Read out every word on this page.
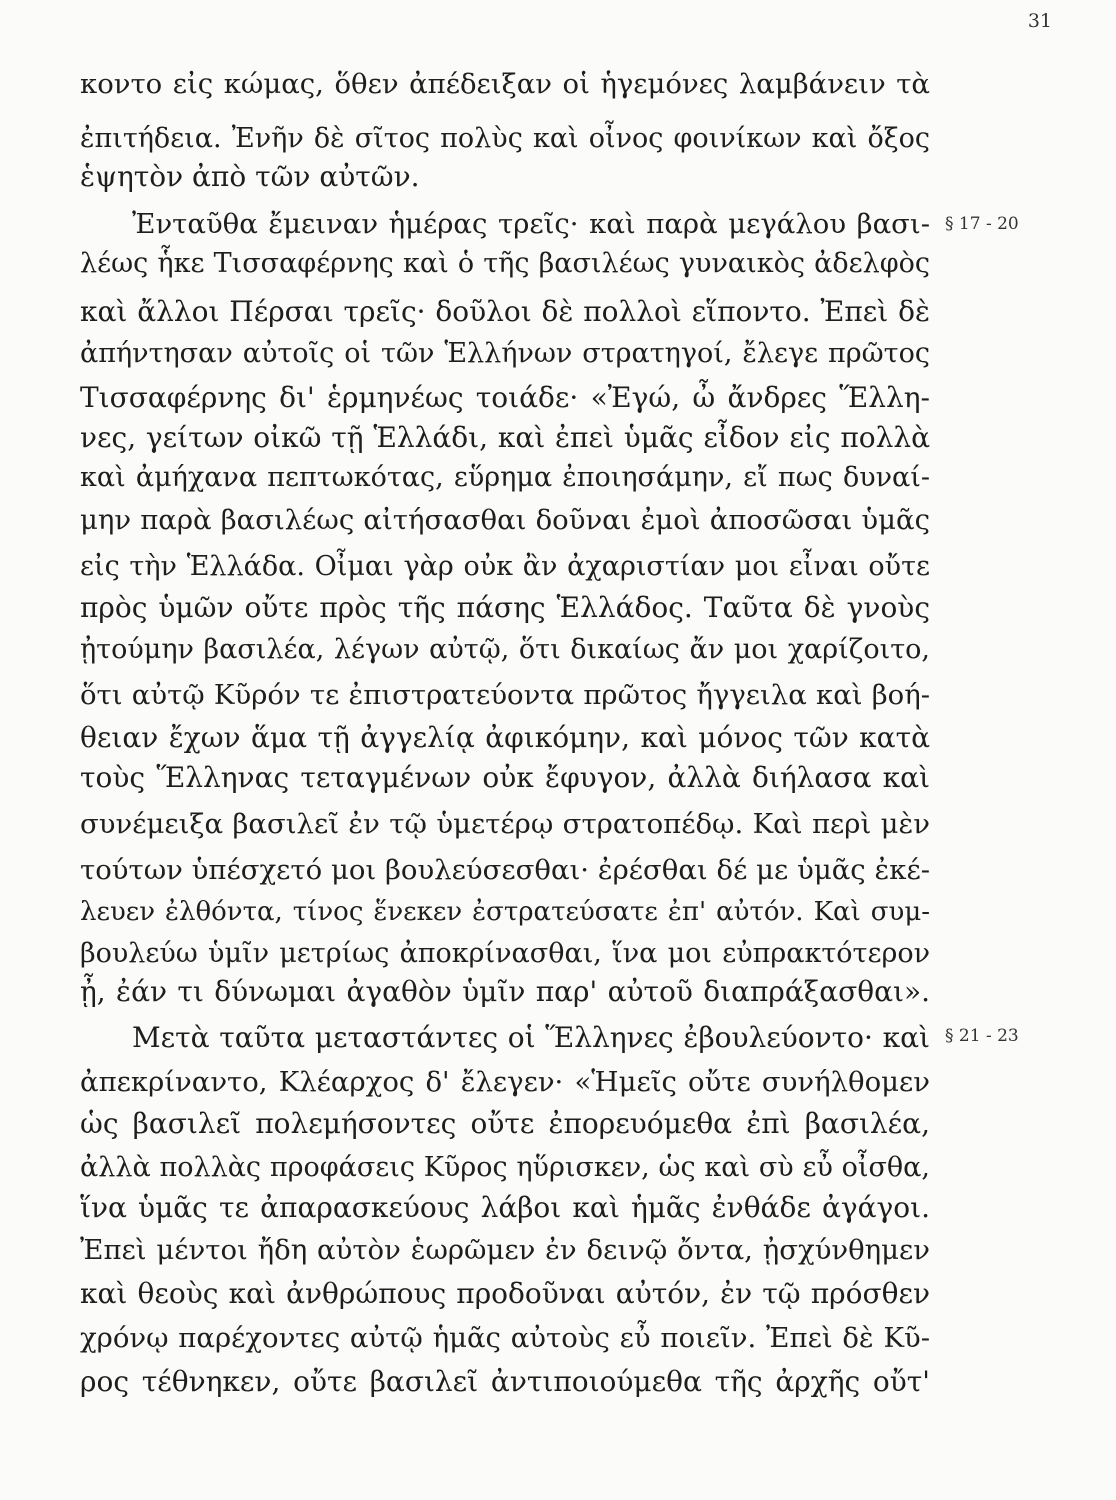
31
κοντο εἰς κώμας, ὅθεν ἀπέδειξαν οἱ ἡγεμόνες λαμβάνειν τὰ
ἐπιτήδεια. Ἐνῆν δὲ σῖτος πολὺς καὶ οἶνος φοινίκων καὶ ὄξος
ἑψητὸν ἀπὸ τῶν αὐτῶν.
Ἐνταῦθα ἔμειναν ἡμέρας τρεῖς· καὶ παρὰ μεγάλου βασι-
λέως ἧκε Τισσαφέρνης καὶ ὁ τῆς βασιλέως γυναικὸς ἀδελφὸς
καὶ ἄλλοι Πέρσαι τρεῖς· δοῦλοι δὲ πολλοὶ εἵποντο. Ἐπεὶ δὲ
ἀπήντησαν αὐτοῖς οἱ τῶν Ἑλλήνων στρατηγοί, ἔλεγε πρῶτος
Τισσαφέρνης δι' ἑρμηνέως τοιάδε· «Ἐγώ, ὦ ἄνδρες Ἕλλη-
νες, γείτων οἰκῶ τῇ Ἑλλάδι, καὶ ἐπεὶ ὑμᾶς εἶδον εἰς πολλὰ
καὶ ἀμήχανα πεπτωκότας, εὕρημα ἐποιησάμην, εἴ πως δυναί-
μην παρὰ βασιλέως αἰτήσασθαι δοῦναι ἐμοὶ ἀποσῶσαι ὑμᾶς
εἰς τὴν Ἑλλάδα. Οἶμαι γὰρ οὐκ ἂν ἀχαριστίαν μοι εἶναι οὔτε
πρὸς ὑμῶν οὔτε πρὸς τῆς πάσης Ἑλλάδος. Ταῦτα δὲ γνοὺς
ᾐτούμην βασιλέα, λέγων αὐτῷ, ὅτι δικαίως ἄν μοι χαρίζοιτο,
ὅτι αὐτῷ Κῦρόν τε ἐπιστρατεύοντα πρῶτος ἤγγειλα καὶ βοή-
θειαν ἔχων ἅμα τῇ ἀγγελίᾳ ἀφικόμην, καὶ μόνος τῶν κατὰ
τοὺς Ἕλληνας τεταγμένων οὐκ ἔφυγον, ἀλλὰ διήλασα καὶ
συνέμειξα βασιλεῖ ἐν τῷ ὑμετέρῳ στρατοπέδῳ. Καὶ περὶ μὲν
τούτων ὑπέσχετό μοι βουλεύσεσθαι· ἐρέσθαι δέ με ὑμᾶς ἐκέ-
λευεν ἐλθόντα, τίνος ἕνεκεν ἐστρατεύσατε ἐπ' αὐτόν. Καὶ συμ-
βουλεύω ὑμῖν μετρίως ἀποκρίνασθαι, ἵνα μοι εὐπρακτότερον
ᾖ, ἐάν τι δύνωμαι ἀγαθὸν ὑμῖν παρ' αὐτοῦ διαπράξασθαι».
Μετὰ ταῦτα μεταστάντες οἱ Ἕλληνες ἐβουλεύοντο· καὶ
ἀπεκρίναντο, Κλέαρχος δ' ἔλεγεν· «Ἡμεῖς οὔτε συνήλθομεν
ὡς βασιλεῖ πολεμήσοντες οὔτε ἐπορευόμεθα ἐπὶ βασιλέα,
ἀλλὰ πολλὰς προφάσεις Κῦρος ηὕρισκεν, ὡς καὶ σὺ εὖ οἶσθα,
ἵνα ὑμᾶς τε ἀπαρασκεύους λάβοι καὶ ἡμᾶς ἐνθάδε ἀγάγοι.
Ἐπεὶ μέντοι ἤδη αὐτὸν ἑωρῶμεν ἐν δεινῷ ὄντα, ᾐσχύνθημεν
καὶ θεοὺς καὶ ἀνθρώπους προδοῦναι αὐτόν, ἐν τῷ πρόσθεν
χρόνῳ παρέχοντες αὐτῷ ἡμᾶς αὐτοὺς εὖ ποιεῖν. Ἐπεὶ δὲ Κῦ-
ρος τέθνηκεν, οὔτε βασιλεῖ ἀντιποιούμεθα τῆς ἀρχῆς οὔτ'
§ 17 - 20
§ 21 - 23
